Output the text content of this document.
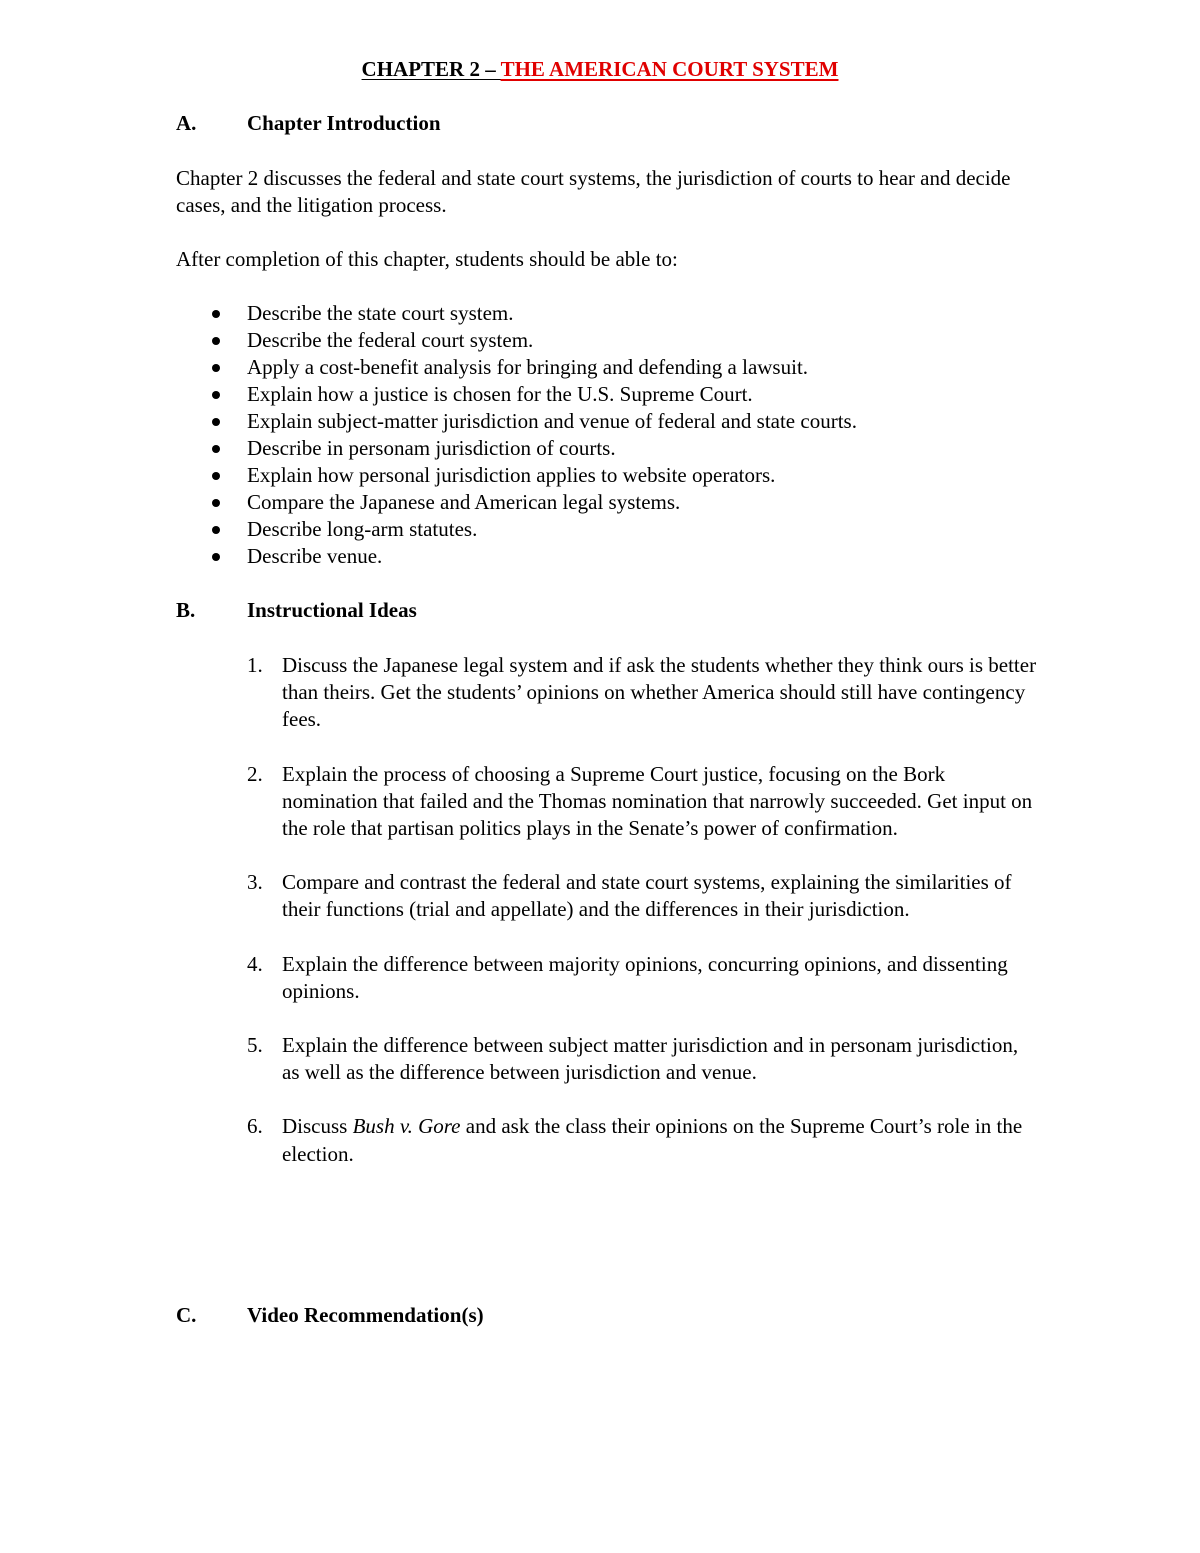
CHAPTER 2 – THE AMERICAN COURT SYSTEM
A. Chapter Introduction
Chapter 2 discusses the federal and state court systems, the jurisdiction of courts to hear and decide cases, and the litigation process.
After completion of this chapter, students should be able to:
Describe the state court system.
Describe the federal court system.
Apply a cost-benefit analysis for bringing and defending a lawsuit.
Explain how a justice is chosen for the U.S. Supreme Court.
Explain subject-matter jurisdiction and venue of federal and state courts.
Describe in personam jurisdiction of courts.
Explain how personal jurisdiction applies to website operators.
Compare the Japanese and American legal systems.
Describe long-arm statutes.
Describe venue.
B. Instructional Ideas
1. Discuss the Japanese legal system and if ask the students whether they think ours is better than theirs. Get the students’ opinions on whether America should still have contingency fees.
2. Explain the process of choosing a Supreme Court justice, focusing on the Bork nomination that failed and the Thomas nomination that narrowly succeeded. Get input on the role that partisan politics plays in the Senate’s power of confirmation.
3. Compare and contrast the federal and state court systems, explaining the similarities of their functions (trial and appellate) and the differences in their jurisdiction.
4. Explain the difference between majority opinions, concurring opinions, and dissenting opinions.
5. Explain the difference between subject matter jurisdiction and in personam jurisdiction, as well as the difference between jurisdiction and venue.
6. Discuss Bush v. Gore and ask the class their opinions on the Supreme Court’s role in the election.
C. Video Recommendation(s)
